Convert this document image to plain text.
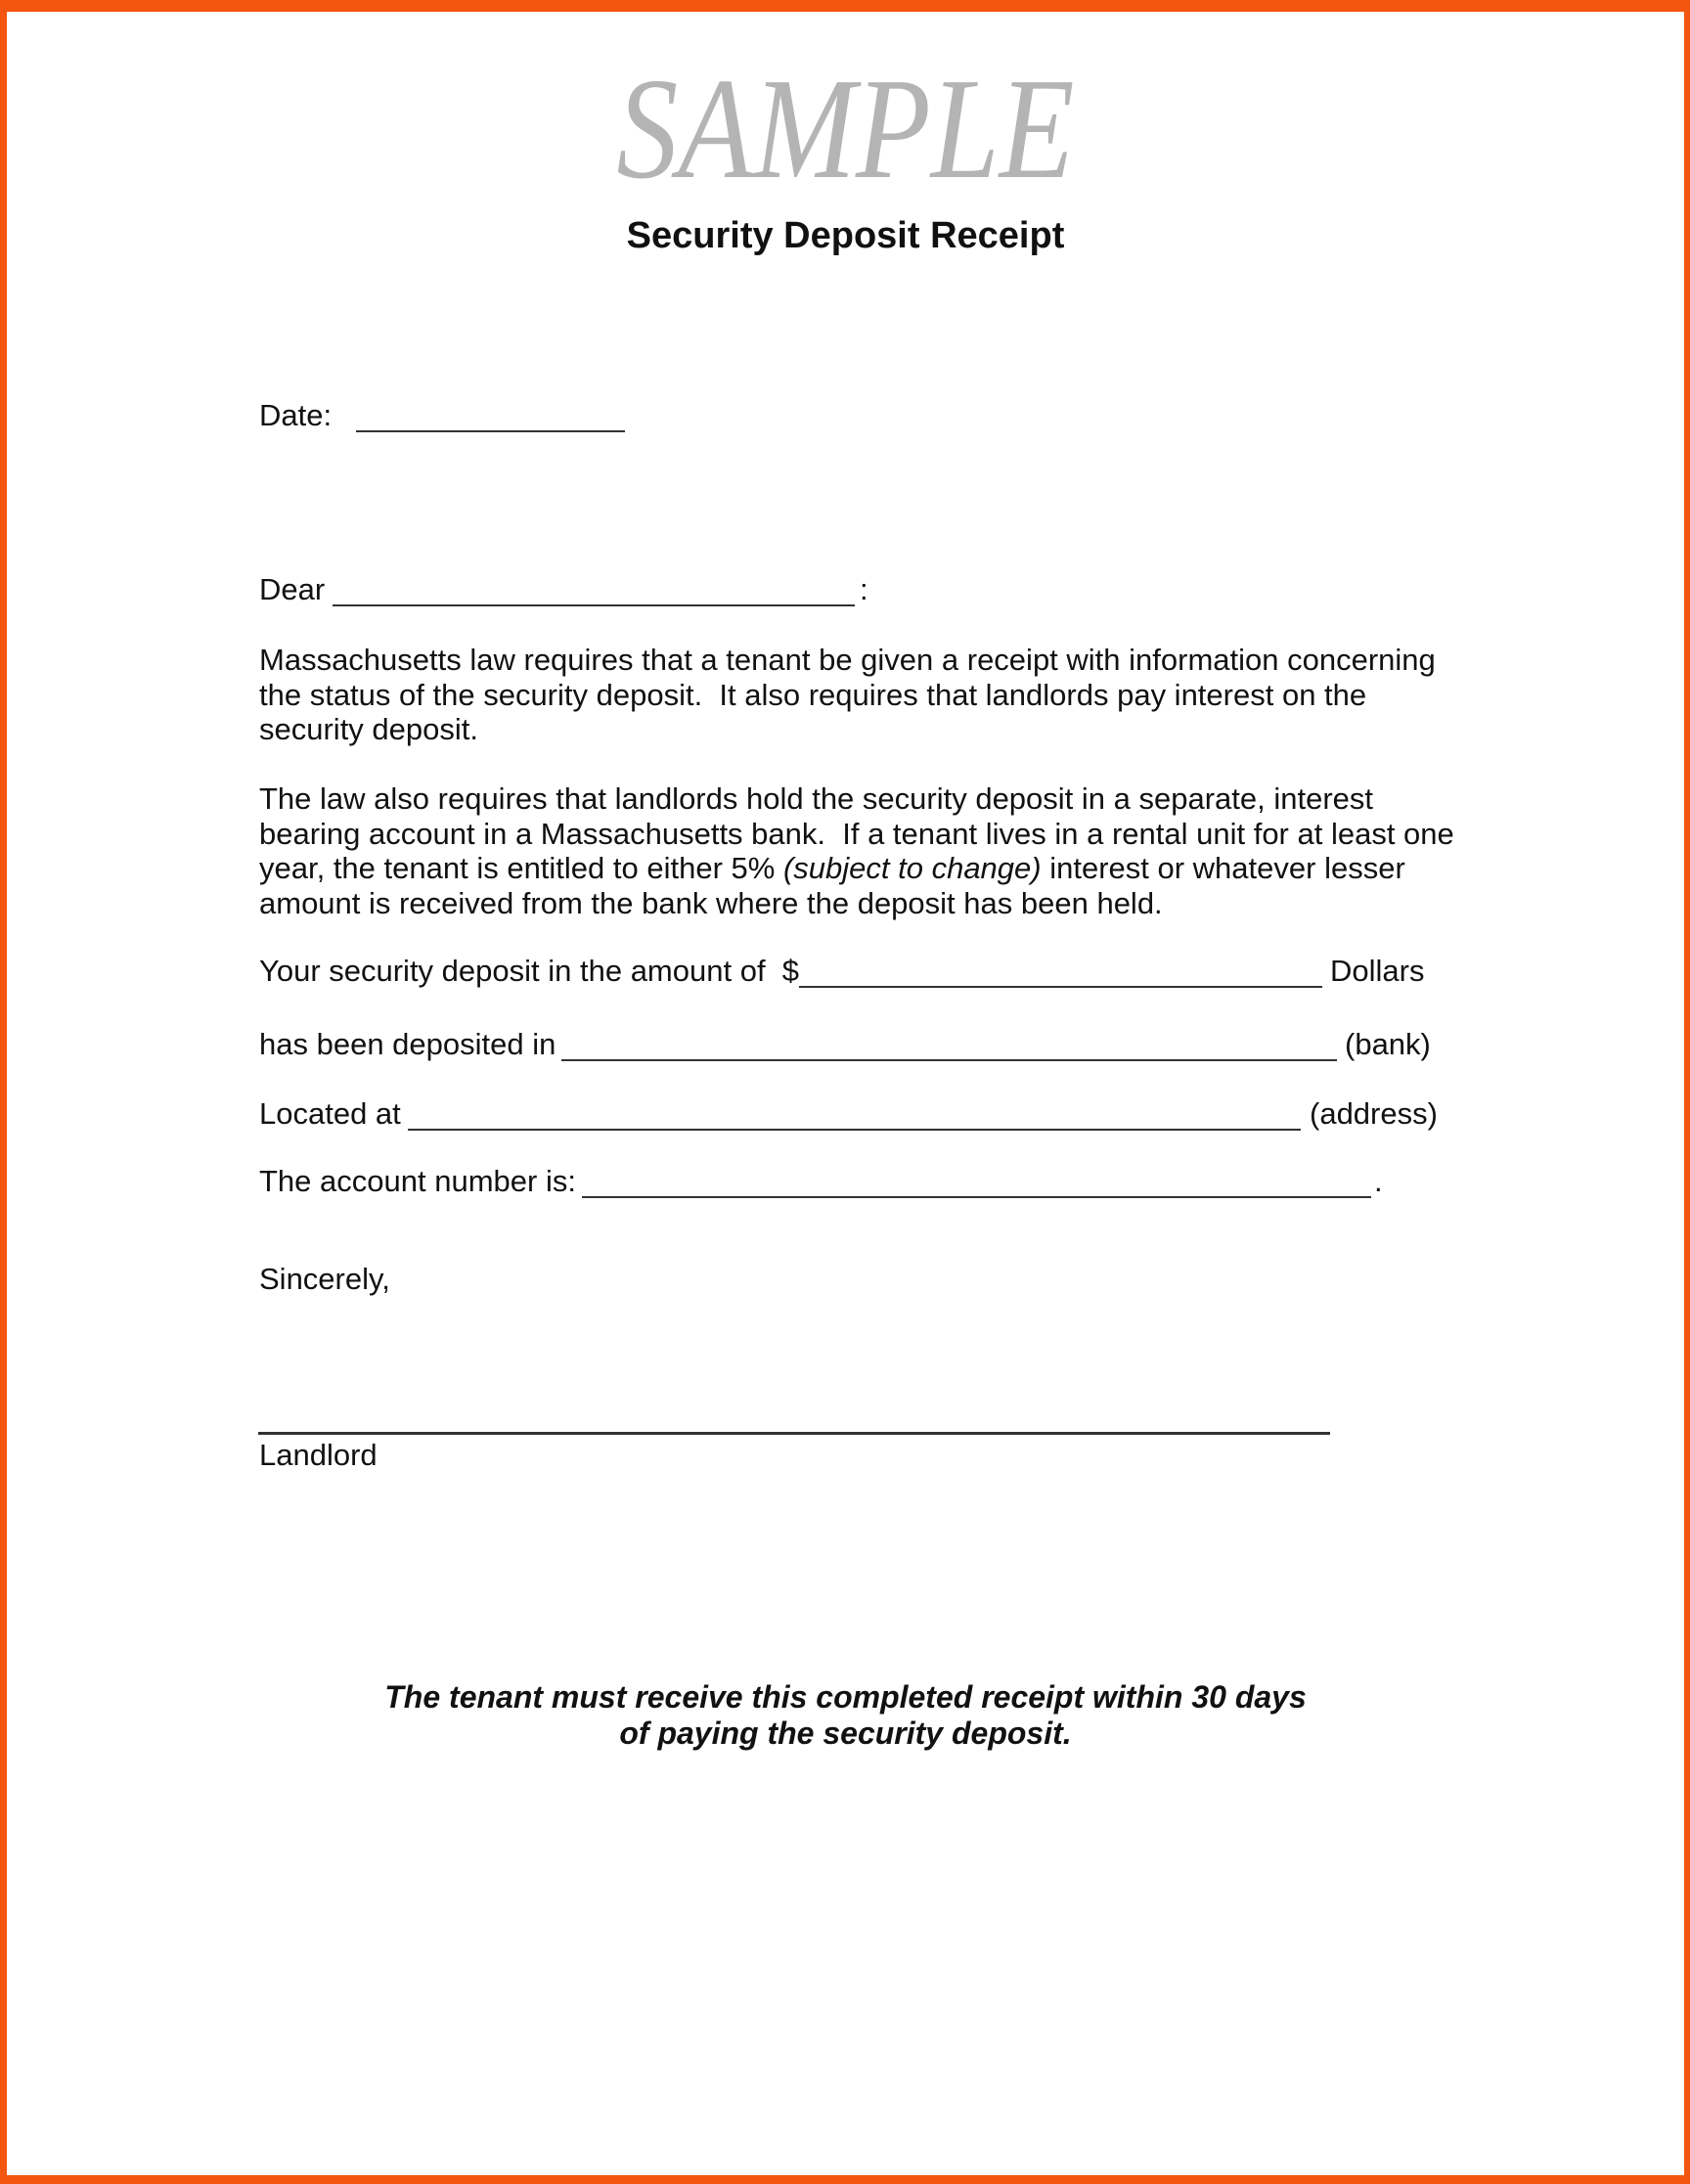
SAMPLE
Security Deposit Receipt
Date:
Dear	:
Massachusetts law requires that a tenant be given a receipt with information concerning
the status of the security deposit.  It also requires that landlords pay interest on the
security deposit.
The law also requires that landlords hold the security deposit in a separate, interest
bearing account in a Massachusetts bank.  If a tenant lives in a rental unit for at least one
year, the tenant is entitled to either 5% (subject to change) interest or whatever lesser
amount is received from the bank where the deposit has been held.
Your security deposit in the amount of  $	Dollars
has been deposited in	(bank)
Located at	(address)
The account number is:	.
Sincerely,
Landlord
The tenant must receive this completed receipt within 30 days
of paying the security deposit.
